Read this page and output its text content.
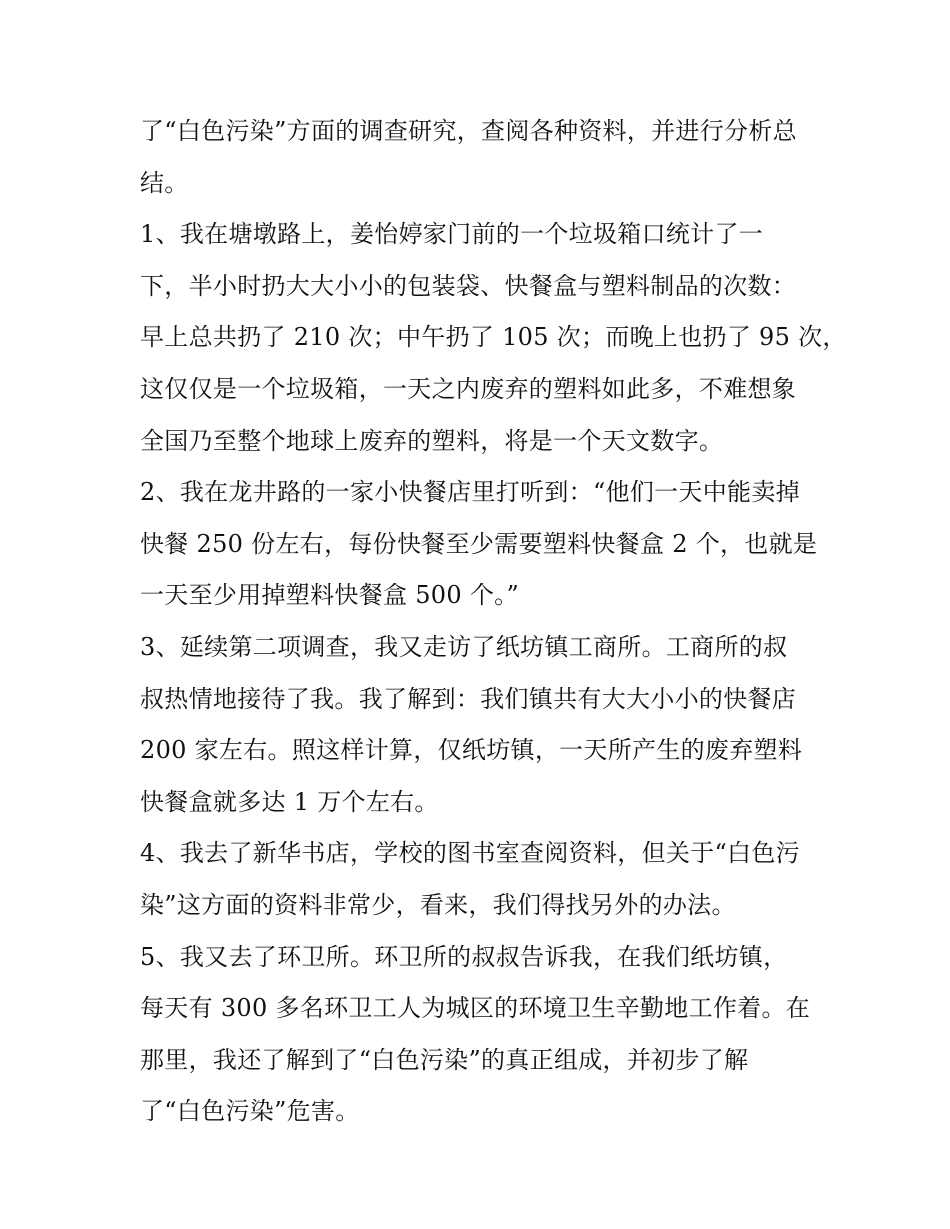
了“白色污染”方面的调查研究，查阅各种资料，并进行分析总
结。
1、我在塘墩路上，姜怡婷家门前的一个垃圾箱口统计了一
下，半小时扔大大小小的包装袋、快餐盒与塑料制品的次数：
早上总共扔了 210 次；中午扔了 105 次；而晚上也扔了 95 次，
这仅仅是一个垃圾箱，一天之内废弃的塑料如此多，不难想象
全国乃至整个地球上废弃的塑料，将是一个天文数字。
2、我在龙井路的一家小快餐店里打听到：“他们一天中能卖掉
快餐 250 份左右，每份快餐至少需要塑料快餐盒 2 个，也就是
一天至少用掉塑料快餐盒 500 个。”
3、延续第二项调查，我又走访了纸坊镇工商所。工商所的叔
叔热情地接待了我。我了解到：我们镇共有大大小小的快餐店
200 家左右。照这样计算，仅纸坊镇，一天所产生的废弃塑料
快餐盒就多达 1 万个左右。
4、我去了新华书店，学校的图书室查阅资料，但关于“白色污
染”这方面的资料非常少，看来，我们得找另外的办法。
5、我又去了环卫所。环卫所的叔叔告诉我，在我们纸坊镇，
每天有 300 多名环卫工人为城区的环境卫生辛勤地工作着。在
那里，我还了解到了“白色污染”的真正组成，并初步了解
了“白色污染”危害。
